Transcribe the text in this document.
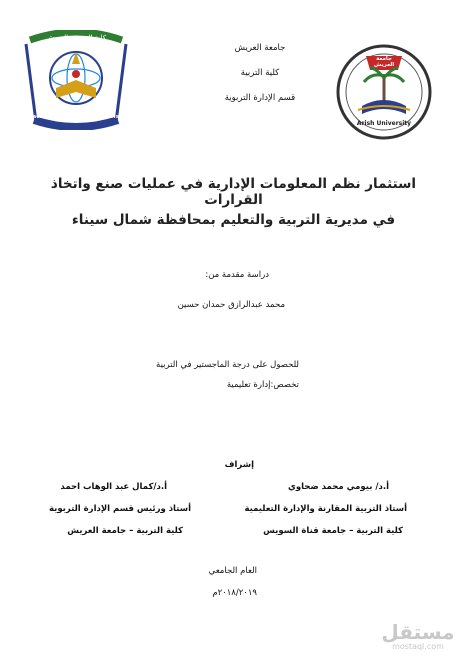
كلية التربية ـ العريش
Faculty of Education - Al-Arish
جامعة العريش
كلية التربية
قسم الإدارة التربوية
جامعة العريش
Arish University
استثمار نظم المعلومات الإدارية في عمليات صنع واتخاذ القرارات
في مديرية التربية والتعليم بمحافظة شمال سيناء
دراسة مقدمة من:
محمد عبدالرازق حمدان حسين
للحصول على درجة الماجستير في التربية
تخصص:إدارة تعليمية
إشراف
أ.د/ بيومي محمد ضحاوي
أ.د/كمال عبد الوهاب احمد
أستاذ التربية المقارنة والإدارة التعليمية
أستاذ ورئيس قسم الإدارة التربوية
كلية التربية – جامعة قناة السويس
كلية التربية – جامعة العريش
العام الجامعي
٢٠١٨/٢٠١٩م
مستقل
mostaql.com
